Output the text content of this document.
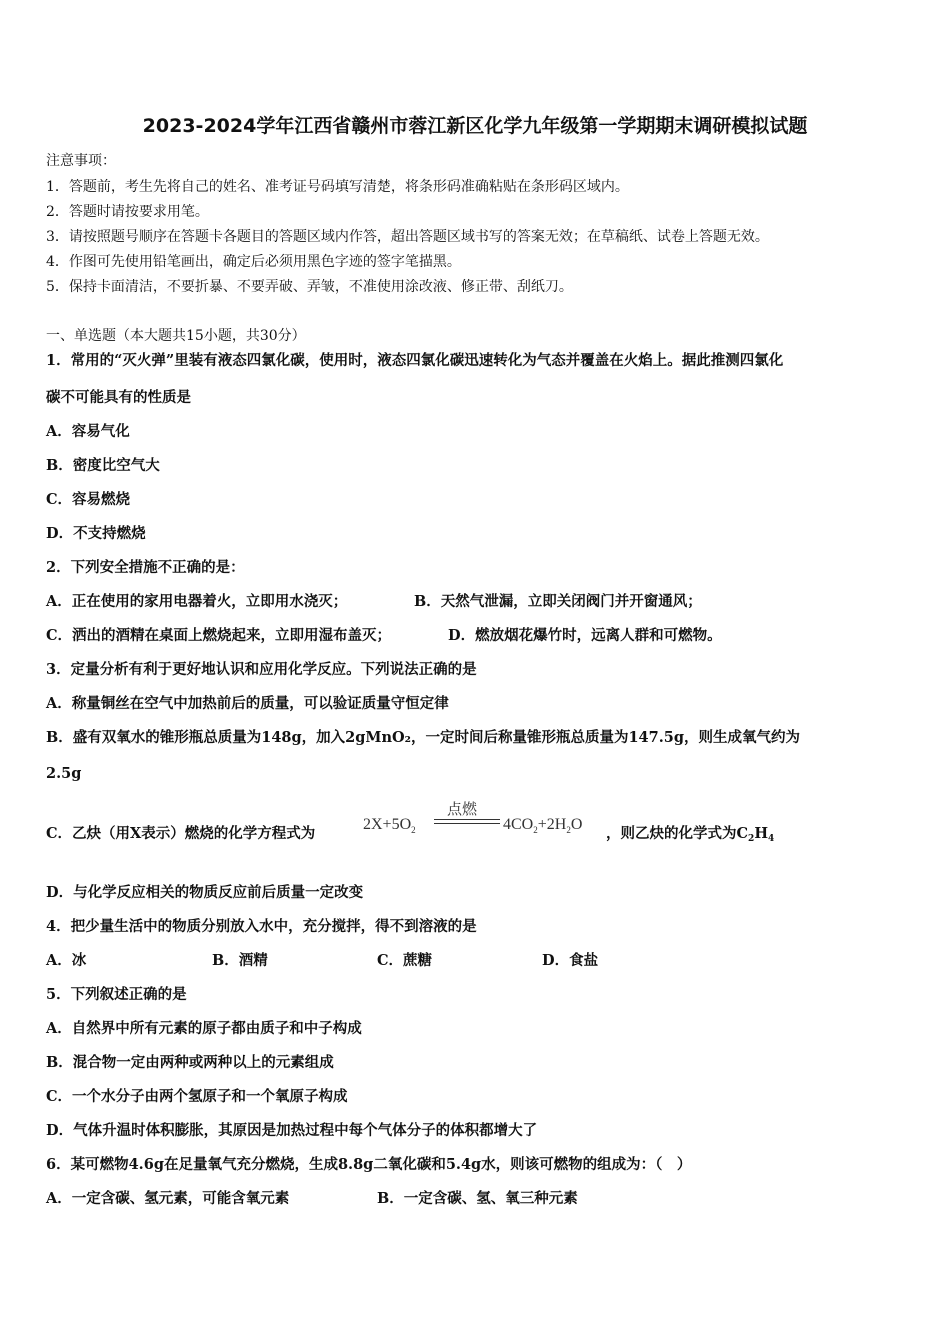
2023-2024学年江西省赣州市蓉江新区化学九年级第一学期期末调研模拟试题
注意事项：
1．答题前，考生先将自己的姓名、准考证号码填写清楚，将条形码准确粘贴在条形码区域内。
2．答题时请按要求用笔。
3．请按照题号顺序在答题卡各题目的答题区域内作答，超出答题区域书写的答案无效；在草稿纸、试卷上答题无效。
4．作图可先使用铅笔画出，确定后必须用黑色字迹的签字笔描黑。
5．保持卡面清洁，不要折暴、不要弄破、弄皱，不准使用涂改液、修正带、刮纸刀。
一、单选题（本大题共15小题，共30分）
1．常用的“灭火弹”里装有液态四氯化碳，使用时，液态四氯化碳迅速转化为气态并覆盖在火焰上。据此推测四氯化
碳不可能具有的性质是
A．容易气化
B．密度比空气大
C．容易燃烧
D．不支持燃烧
2．下列安全措施不正确的是：
A．正在使用的家用电器着火，立即用水浇灭；	B．天然气泄漏，立即关闭阀门并开窗通风；
C．洒出的酒精在桌面上燃烧起来，立即用湿布盖灭；	D．燃放烟花爆竹时，远离人群和可燃物。
3．定量分析有利于更好地认识和应用化学反应。下列说法正确的是
A．称量铜丝在空气中加热前后的质量，可以验证质量守恒定律
B．盛有双氧水的锥形瓶总质量为148g，加入2gMnO₂，一定时间后称量锥形瓶总质量为147.5g，则生成氧气约为
2.5g
C．乙炔（用X表示）燃烧的化学方程式为
$2X+5O_2$
点燃
$4CO_2+2H_2O$
，则乙炔的化学式为$C_2H_4$
D．与化学反应相关的物质反应前后质量一定改变
4．把少量生活中的物质分别放入水中，充分搅拌，得不到溶液的是
A．冰	B．酒精	C．蔗糖	D．食盐
5．下列叙述正确的是
A．自然界中所有元素的原子都由质子和中子构成
B．混合物一定由两种或两种以上的元素组成
C．一个水分子由两个氢原子和一个氧原子构成
D．气体升温时体积膨胀，其原因是加热过程中每个气体分子的体积都增大了
6．某可燃物4.6g在足量氧气充分燃烧，生成8.8g二氧化碳和5.4g水，则该可燃物的组成为：（　）
A．一定含碳、氢元素，可能含氧元素	B．一定含碳、氢、氧三种元素
